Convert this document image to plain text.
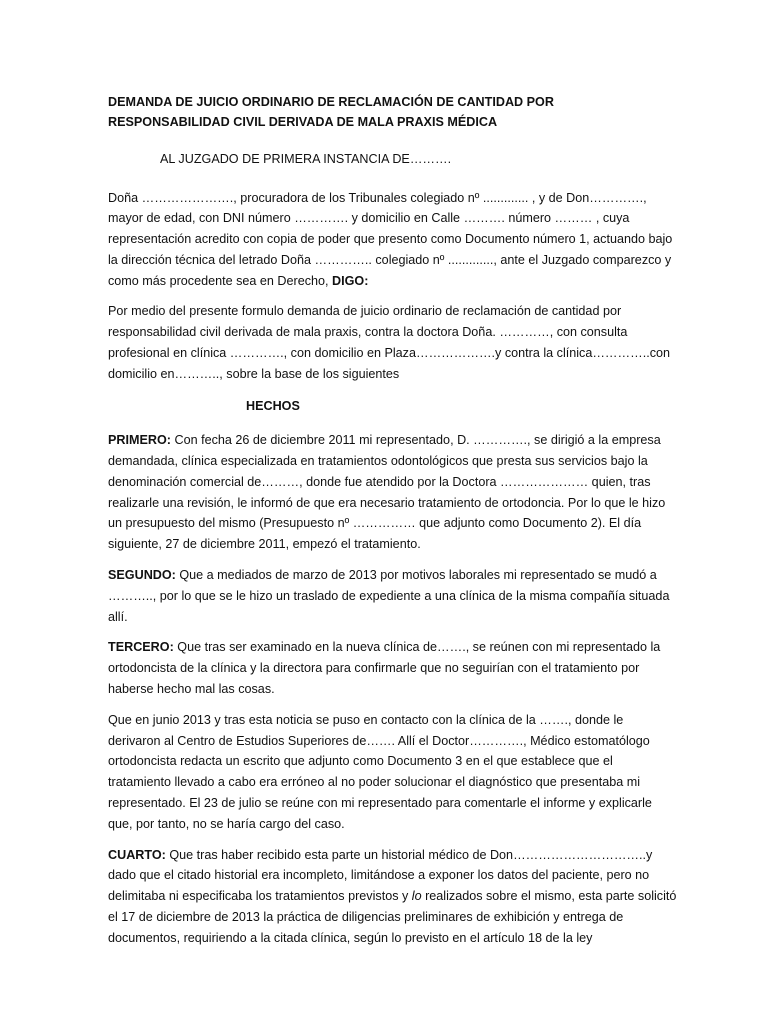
DEMANDA DE JUICIO ORDINARIO DE RECLAMACIÓN DE CANTIDAD POR RESPONSABILIDAD CIVIL DERIVADA DE MALA PRAXIS MÉDICA
AL JUZGADO DE PRIMERA INSTANCIA DE……….

Doña …………………., procuradora de los Tribunales colegiado nº ............. , y de Don…………., mayor de edad, con DNI número …………. y domicilio en Calle ………. número ……… , cuya representación acredito con copia de poder que presento como Documento número 1, actuando bajo la dirección técnica del letrado Doña ………….. colegiado nº ............., ante el Juzgado comparezco y como más procedente sea en Derecho, DIGO:

Por medio del presente formulo demanda de juicio ordinario de reclamación de cantidad por responsabilidad civil derivada de mala praxis, contra la doctora Doña. …………, con consulta profesional en clínica …………., con domicilio en Plaza……………….y contra la clínica…………..con domicilio en……….., sobre la base de los siguientes

HECHOS

PRIMERO: Con fecha 26 de diciembre 2011 mi representado, D. …………., se dirigió a la empresa demandada, clínica especializada en tratamientos odontológicos que presta sus servicios bajo la denominación comercial de………, donde fue atendido por la Doctora ………………… quien, tras realizarle una revisión, le informó de que era necesario tratamiento de ortodoncia. Por lo que le hizo un presupuesto del mismo (Presupuesto nº …………… que adjunto como Documento 2). El día siguiente, 27 de diciembre 2011, empezó el tratamiento.

SEGUNDO: Que a mediados de marzo de 2013 por motivos laborales mi representado se mudó a ……….., por lo que se le hizo un traslado de expediente a una clínica de la misma compañía situada allí.

TERCERO: Que tras ser examinado en la nueva clínica de……., se reúnen con mi representado la ortodoncista de la clínica y la directora para confirmarle que no seguirían con el tratamiento por haberse hecho mal las cosas.

Que en junio 2013 y tras esta noticia se puso en contacto con la clínica de la ……., donde le derivaron al Centro de Estudios Superiores de……. Allí el Doctor…………., Médico estomatólogo ortodoncista redacta un escrito que adjunto como Documento 3 en el que establece que el tratamiento llevado a cabo era erróneo al no poder solucionar el diagnóstico que presentaba mi representado. El 23 de julio se reúne con mi representado para comentarle el informe y explicarle que, por tanto, no se haría cargo del caso.

CUARTO: Que tras haber recibido esta parte un historial médico de Don…………………………..y dado que el citado historial era incompleto, limitándose a exponer los datos del paciente, pero no delimitaba ni especificaba los tratamientos previstos y lo realizados sobre el mismo, esta parte solicitó el 17 de diciembre de 2013 la práctica de diligencias preliminares de exhibición y entrega de documentos, requiriendo a la citada clínica, según lo previsto en el artículo 18 de la ley
